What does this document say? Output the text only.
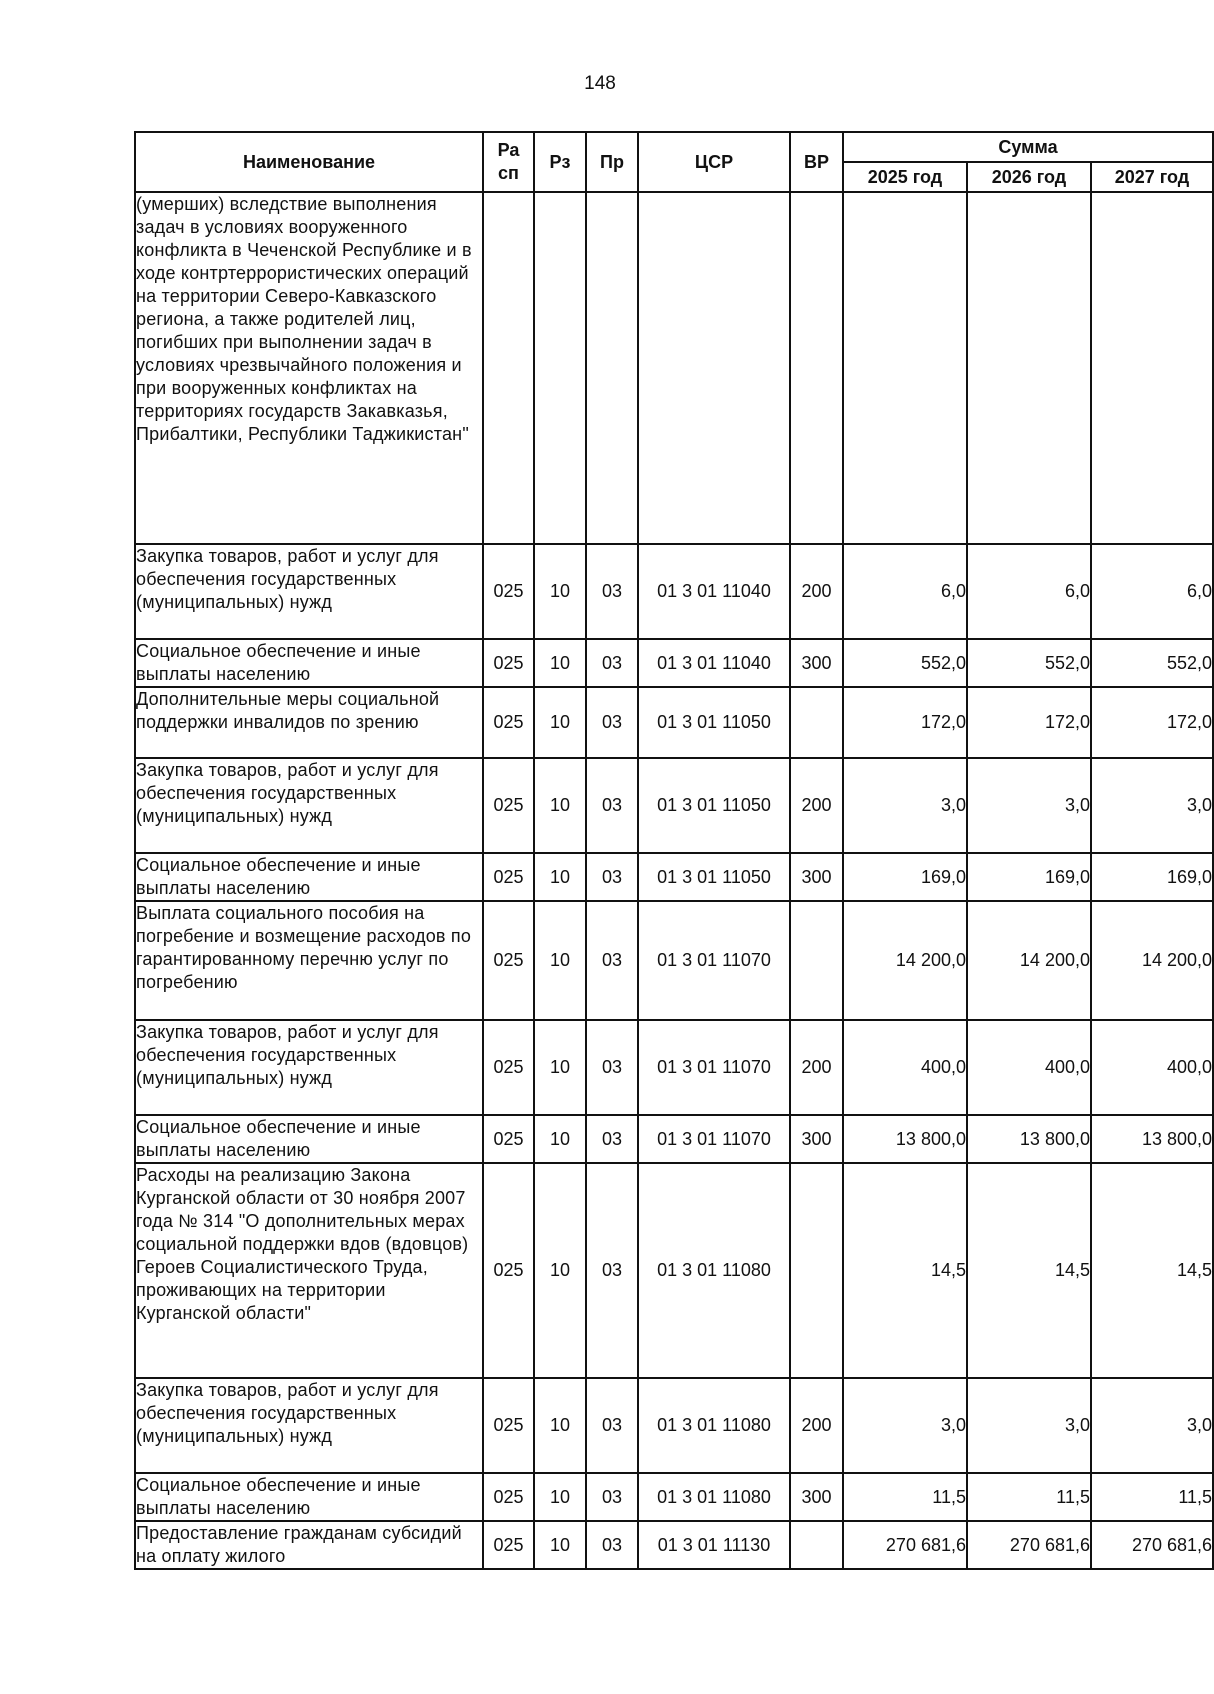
148
Наименование	Ра
сп	Рз	Пр	ЦСР	ВР	Сумма		
						2025 год	2026 год	2027 год
(умерших) вследствие выполнения задач в условиях вооруженного конфликта в Чеченской Республике и в ходе контртеррористических операций на территории Северо-Кавказского региона, а также родителей лиц, погибших при выполнении задач в условиях чрезвычайного положения и при вооруженных конфликтах на территориях государств Закавказья, Прибалтики, Республики Таджикистан"								
Закупка товаров, работ и услуг для обеспечения государственных (муниципальных) нужд	025	10	03	01 3 01 11040	200	6,0	6,0	6,0
Социальное обеспечение и иные выплаты населению	025	10	03	01 3 01 11040	300	552,0	552,0	552,0
Дополнительные меры социальной поддержки инвалидов по зрению	025	10	03	01 3 01 11050		172,0	172,0	172,0
Закупка товаров, работ и услуг для обеспечения государственных (муниципальных) нужд	025	10	03	01 3 01 11050	200	3,0	3,0	3,0
Социальное обеспечение и иные выплаты населению	025	10	03	01 3 01 11050	300	169,0	169,0	169,0
Выплата социального пособия на погребение и возмещение расходов по гарантированному перечню услуг по погребению	025	10	03	01 3 01 11070		14 200,0	14 200,0	14 200,0
Закупка товаров, работ и услуг для обеспечения государственных (муниципальных) нужд	025	10	03	01 3 01 11070	200	400,0	400,0	400,0
Социальное обеспечение и иные выплаты населению	025	10	03	01 3 01 11070	300	13 800,0	13 800,0	13 800,0
Расходы на реализацию Закона Курганской области от 30 ноября 2007 года № 314 "О дополнительных мерах социальной поддержки вдов (вдовцов) Героев Социалистического Труда, проживающих на территории Курганской области"	025	10	03	01 3 01 11080		14,5	14,5	14,5
Закупка товаров, работ и услуг для обеспечения государственных (муниципальных) нужд	025	10	03	01 3 01 11080	200	3,0	3,0	3,0
Социальное обеспечение и иные выплаты населению	025	10	03	01 3 01 11080	300	11,5	11,5	11,5
Предоставление гражданам субсидий на оплату жилого	025	10	03	01 3 01 11130		270 681,6	270 681,6	270 681,6
